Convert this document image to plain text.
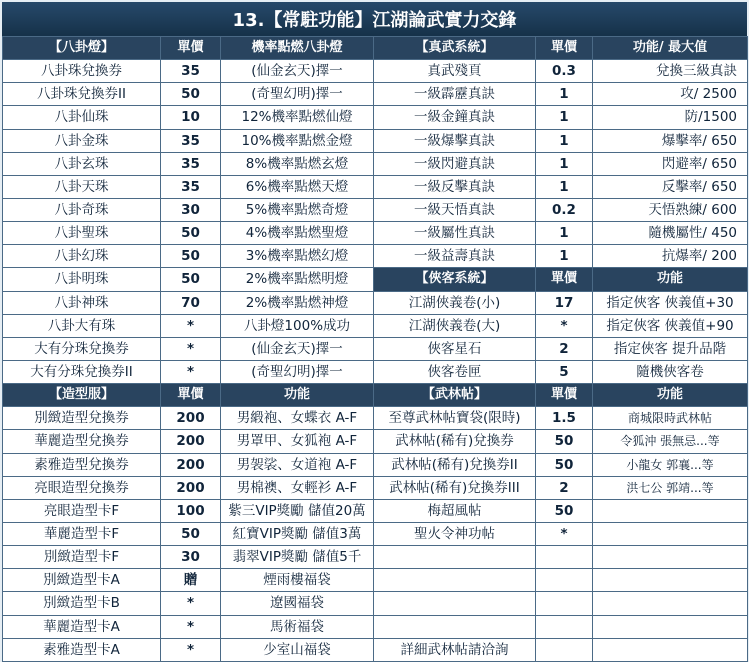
13.【常駐功能】江湖論武實力交鋒
【八卦燈】	單價	機率點燃八卦燈	【真武系統】	單價	功能/ 最大值
八卦珠兌換券	35	(仙金玄天)擇一	真武殘頁	0.3	兌換三級真訣
八卦珠兌換券II	50	(奇聖幻明)擇一	一級霹靂真訣	1	攻/ 2500
八卦仙珠	10	12%機率點燃仙燈	一級金鐘真訣	1	防/1500
八卦金珠	35	10%機率點燃金燈	一級爆擊真訣	1	爆擊率/ 650
八卦玄珠	35	8%機率點燃玄燈	一級閃避真訣	1	閃避率/ 650
八卦天珠	35	6%機率點燃天燈	一級反擊真訣	1	反擊率/ 650
八卦奇珠	30	5%機率點燃奇燈	一級天悟真訣	0.2	天悟熟練/ 600
八卦聖珠	50	4%機率點燃聖燈	一級屬性真訣	1	隨機屬性/ 450
八卦幻珠	50	3%機率點燃幻燈	一級益壽真訣	1	抗爆率/ 200
八卦明珠	50	2%機率點燃明燈	【俠客系統】	單價	功能
八卦神珠	70	2%機率點燃神燈	江湖俠義卷(小)	17	指定俠客 俠義值+30
八卦大有珠	*	八卦燈100%成功	江湖俠義卷(大)	*	指定俠客 俠義值+90
大有分珠兌換券	*	(仙金玄天)擇一	俠客星石	2	指定俠客 提升品階
大有分珠兌換券II	*	(奇聖幻明)擇一	俠客卷匣	5	隨機俠客卷
【造型服】	單價	功能	【武林帖】	單價	功能
別緻造型兌換券	200	男緞袍、女蝶衣 A-F	至尊武林帖寶袋(限時)	1.5	商城限時武林帖
華麗造型兌換券	200	男罩甲、女狐袍 A-F	武林帖(稀有)兌換券	50	令狐沖 張無忌...等
素雅造型兌換券	200	男袈裟、女道袍 A-F	武林帖(稀有)兌換券II	50	小龍女 郭襄...等
亮眼造型兌換券	200	男棉襖、女輕衫 A-F	武林帖(稀有)兌換券III	2	洪七公 郭靖...等
亮眼造型卡F	100	紫三VIP獎勵 儲值20萬	梅超風帖	50	
華麗造型卡F	50	紅寶VIP獎勵 儲值3萬	聖火令神功帖	*	
別緻造型卡F	30	翡翠VIP獎勵 儲值5千			
別緻造型卡A	贈	煙雨樓福袋			
別緻造型卡B	*	遼國福袋			
華麗造型卡A	*	馬術福袋			
素雅造型卡A	*	少室山福袋	詳細武林帖請洽詢		
